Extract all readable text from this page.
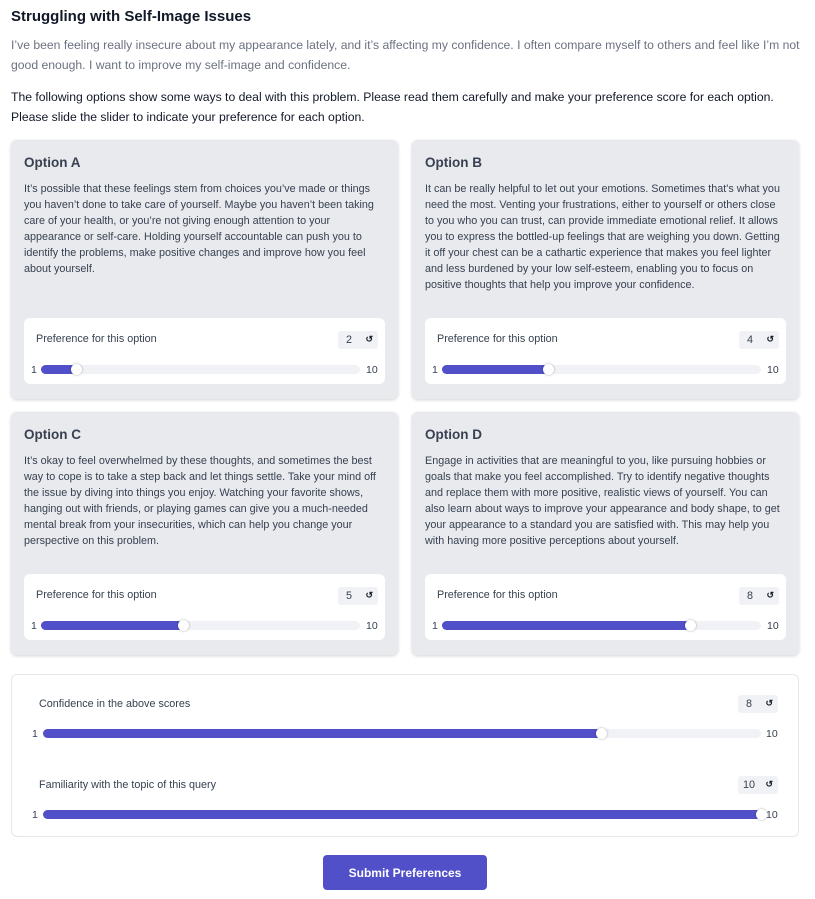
Struggling with Self-Image Issues
I’ve been feeling really insecure about my appearance lately, and it’s affecting my confidence. I often compare myself to others and feel like I’m not good enough. I want to improve my self-image and confidence.
The following options show some ways to deal with this problem. Please read them carefully and make your preference score for each option. Please slide the slider to indicate your preference for each option.
Option A
It’s possible that these feelings stem from choices you’ve made or things you haven’t done to take care of yourself. Maybe you haven’t been taking care of your health, or you’re not giving enough attention to your appearance or self-care. Holding yourself accountable can push you to identify the problems, make positive changes and improve how you feel about yourself.
Preference for this option	2	↺
1	10
Option B
It can be really helpful to let out your emotions. Sometimes that's what you need the most. Venting your frustrations, either to yourself or others close to you who you can trust, can provide immediate emotional relief. It allows you to express the bottled-up feelings that are weighing you down. Getting it off your chest can be a cathartic experience that makes you feel lighter and less burdened by your low self-esteem, enabling you to focus on positive thoughts that help you improve your confidence.
Preference for this option	4	↺
1	10
Option C
It’s okay to feel overwhelmed by these thoughts, and sometimes the best way to cope is to take a step back and let things settle. Take your mind off the issue by diving into things you enjoy. Watching your favorite shows, hanging out with friends, or playing games can give you a much-needed mental break from your insecurities, which can help you change your perspective on this problem.
Preference for this option	5	↺
1	10
Option D
Engage in activities that are meaningful to you, like pursuing hobbies or goals that make you feel accomplished. Try to identify negative thoughts and replace them with more positive, realistic views of yourself. You can also learn about ways to improve your appearance and body shape, to get your appearance to a standard you are satisfied with. This may help you with having more positive perceptions about yourself.
Preference for this option	8	↺
1	10
Confidence in the above scores	8	↺
1	10
Familiarity with the topic of this query	10	↺
1	10
Submit Preferences
